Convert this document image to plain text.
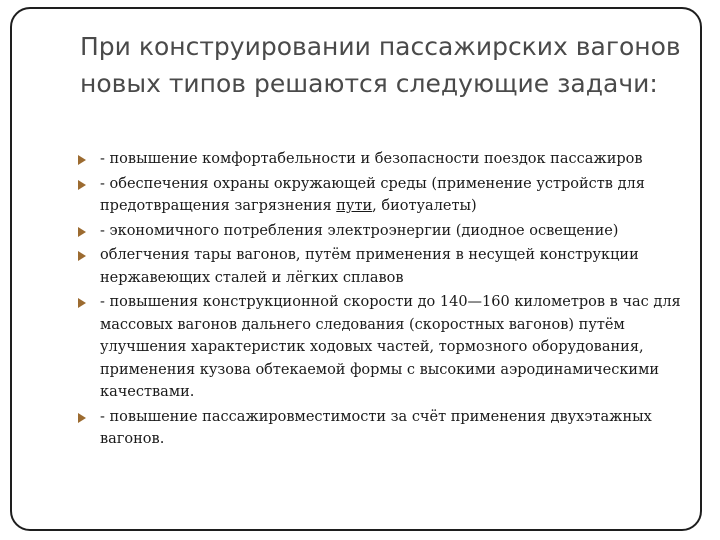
При конструировании пассажирских вагонов новых типов решаются следующие задачи:
- повышение комфортабельности и безопасности поездок пассажиров
- обеспечения охраны окружающей среды (применение устройств для предотвращения загрязнения пути, биотуалеты)
- экономичного потребления электроэнергии (диодное освещение)
облегчения тары вагонов, путём применения в несущей конструкции нержавеющих сталей и лёгких сплавов
- повышения конструкционной скорости до 140—160 километров в час для массовых вагонов дальнего следования (скоростных вагонов) путём улучшения характеристик ходовых частей, тормозного оборудования, применения кузова обтекаемой формы с высокими аэродинамическими качествами.
- повышение пассажировместимости за счёт применения двухэтажных вагонов.
